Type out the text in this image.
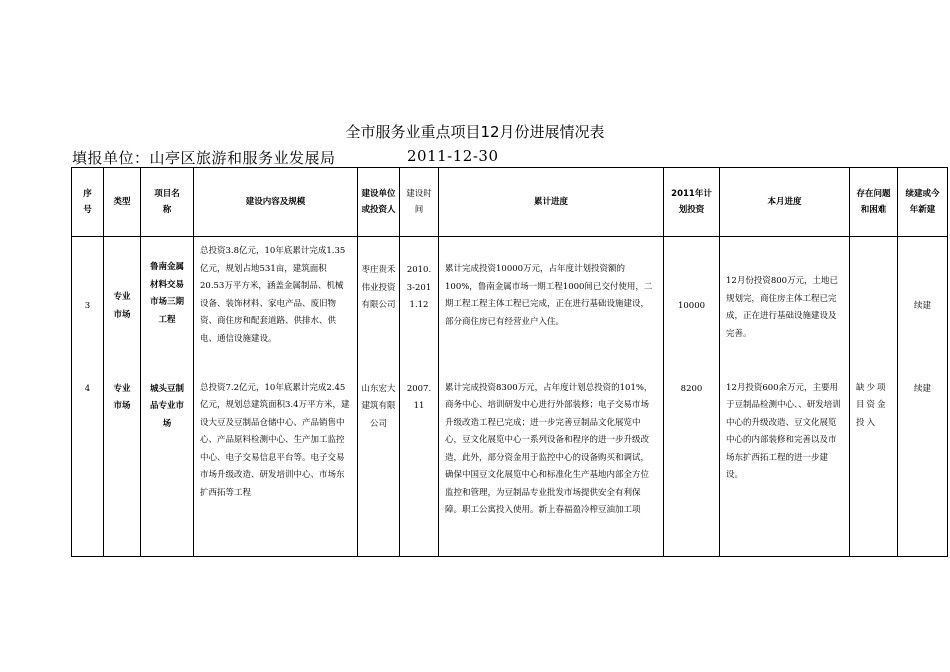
全市服务业重点项目12月份进展情况表
填报单位：山亭区旅游和服务业发展局	2011-12-30
序号	类型	项目名称	建设内容及规模	建设单位或投资人	建设时间	累计进度	2011年计划投资	本月进度	存在问题和困难	续建或今年新建

3	专业市场	鲁南金属材料交易市场三期工程	总投资3.8亿元，10年底累计完成1.35亿元，规划占地531亩，建筑面积20.53万平方米，涵盖金属制品、机械设备、装饰材料、家电产品、废旧物资、商住房和配套道路、供排水、供电、通信设施建设。	枣庄贵禾伟业投资有限公司	2010.3-2011.12	累计完成投资10000万元，占年度计划投资额的100%，鲁南金属市场一期工程1000间已交付使用，二期工程工程主体工程已完成，正在进行基础设施建设，部分商住房已有经营业户入住。	10000	12月份投资800万元，土地已规划完，商住房主体工程已完成，正在进行基础设施建设及完善。		续建
4	专业市场	城头豆制品专业市场	总投资7.2亿元，10年底累计完成2.45亿元，规划总建筑面积3.4万平方米，建设大豆及豆制品仓储中心、产品销售中心、产品原料检测中心、生产加工监控中心、电子交易信息平台等。电子交易市场升级改造、研发培训中心、市场东扩西拓等工程	山东宏大建筑有限公司	2007.11	累计完成投资8300万元，占年度计划总投资的101%，商务中心、培训研发中心进行外部装修；电子交易市场升级改造工程已完成；进一步完善豆制品文化展览中心，豆文化展览中心一系列设备和程序的进一步升级改造，此外，部分资金用于监控中心的设备购买和调试，确保中国豆文化展览中心和标准化生产基地内部全方位监控和管理，为豆制品专业批发市场提供安全有利保障。职工公寓投入使用。新上春福盈冷榨豆油加工项	8200	12月投资600余万元，主要用于豆制品检测中心、、研发培训中心的升级改造、豆文化展览中心的内部装修和完善以及市场东扩西拓工程的进一步建设。	缺少项目资金投入	续建
